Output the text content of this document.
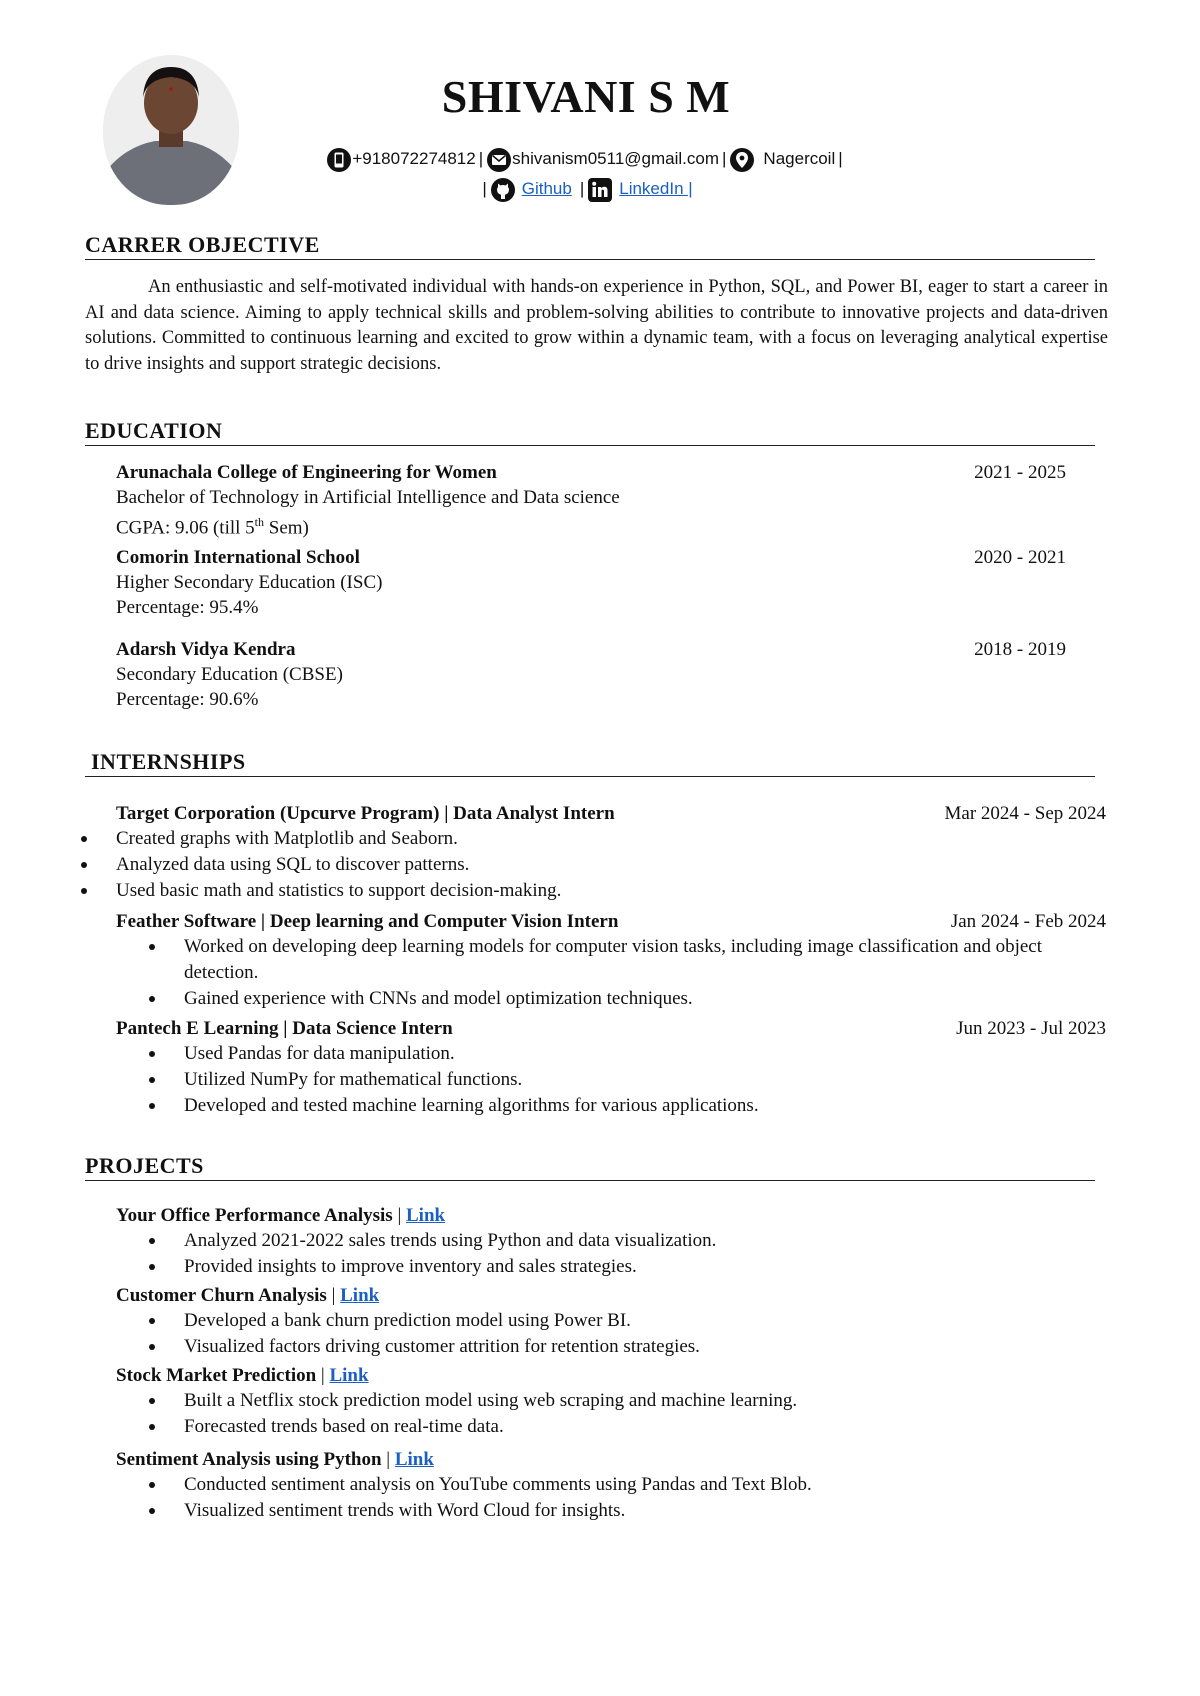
SHIVANI S M
+918072274812 | shivanism0511@gmail.com | Nagercoil |
| Github | LinkedIn |
CARRER OBJECTIVE
An enthusiastic and self-motivated individual with hands-on experience in Python, SQL, and Power BI, eager to start a career in AI and data science. Aiming to apply technical skills and problem-solving abilities to contribute to innovative projects and data-driven solutions. Committed to continuous learning and excited to grow within a dynamic team, with a focus on leveraging analytical expertise to drive insights and support strategic decisions.
EDUCATION
Arunachala College of Engineering for Women	2021 - 2025
Bachelor of Technology in Artificial Intelligence and Data science
CGPA: 9.06 (till 5th Sem)
Comorin International School	2020 - 2021
Higher Secondary Education (ISC)
Percentage: 95.4%
Adarsh Vidya Kendra	2018 - 2019
Secondary Education (CBSE)
Percentage: 90.6%
INTERNSHIPS
Target Corporation (Upcurve Program) | Data Analyst Intern	Mar 2024 - Sep 2024
Created graphs with Matplotlib and Seaborn.
Analyzed data using SQL to discover patterns.
Used basic math and statistics to support decision-making.
Feather Software | Deep learning and Computer Vision Intern	Jan 2024 - Feb 2024
Worked on developing deep learning models for computer vision tasks, including image classification and object detection.
Gained experience with CNNs and model optimization techniques.
Pantech E Learning | Data Science Intern	Jun 2023 - Jul 2023
Used Pandas for data manipulation.
Utilized NumPy for mathematical functions.
Developed and tested machine learning algorithms for various applications.
PROJECTS
Your Office Performance Analysis | Link
Analyzed 2021-2022 sales trends using Python and data visualization.
Provided insights to improve inventory and sales strategies.
Customer Churn Analysis | Link
Developed a bank churn prediction model using Power BI.
Visualized factors driving customer attrition for retention strategies.
Stock Market Prediction | Link
Built a Netflix stock prediction model using web scraping and machine learning.
Forecasted trends based on real-time data.
Sentiment Analysis using Python | Link
Conducted sentiment analysis on YouTube comments using Pandas and Text Blob.
Visualized sentiment trends with Word Cloud for insights.
